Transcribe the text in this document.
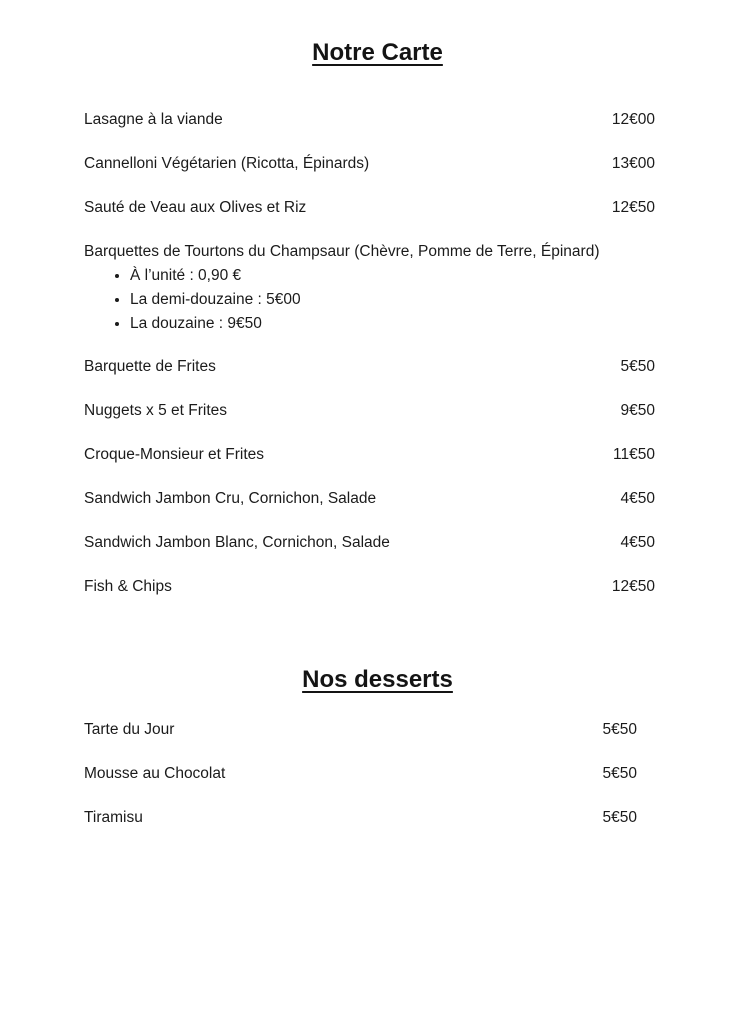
Notre Carte
Lasagne à la viande	12€00
Cannelloni Végétarien (Ricotta, Épinards)	13€00
Sauté de Veau aux Olives et Riz	12€50
Barquettes de Tourtons du Champsaur (Chèvre, Pomme de Terre, Épinard)
• À l’unité : 0,90 €
• La demi-douzaine : 5€00
• La douzaine : 9€50
Barquette de Frites	5€50
Nuggets x 5 et Frites	9€50
Croque-Monsieur et Frites	11€50
Sandwich Jambon Cru, Cornichon, Salade	4€50
Sandwich Jambon Blanc, Cornichon, Salade	4€50
Fish & Chips	12€50
Nos desserts
Tarte du Jour	5€50
Mousse au Chocolat	5€50
Tiramisu	5€50
